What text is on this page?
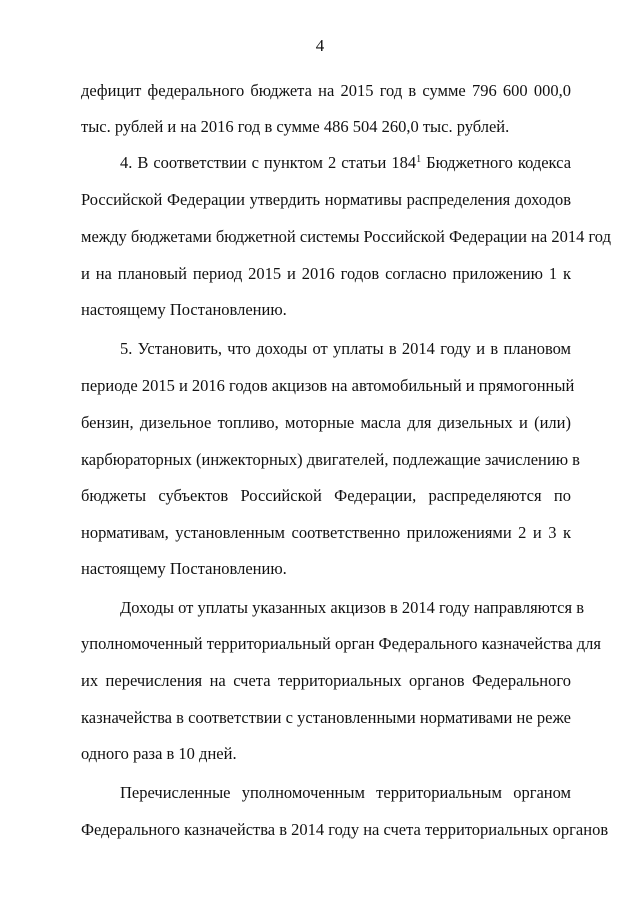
4
дефицит федерального бюджета на 2015 год в сумме 796 600 000,0
тыс. рублей и на 2016 год в сумме 486 504 260,0 тыс. рублей.
4. В соответствии с пунктом 2 статьи $184^1$ Бюджетного кодекса
Российской Федерации утвердить нормативы распределения доходов
между бюджетами бюджетной системы Российской Федерации на 2014 год
и на плановый период 2015 и 2016 годов согласно приложению 1 к
настоящему Постановлению.
5. Установить, что доходы от уплаты в 2014 году и в плановом
периоде 2015 и 2016 годов акцизов на автомобильный и прямогонный
бензин, дизельное топливо, моторные масла для дизельных и (или)
карбюраторных (инжекторных) двигателей, подлежащие зачислению в
бюджеты субъектов Российской Федерации, распределяются по
нормативам, установленным соответственно приложениями 2 и 3 к
настоящему Постановлению.
Доходы от уплаты указанных акцизов в 2014 году направляются в
уполномоченный территориальный орган Федерального казначейства для
их перечисления на счета территориальных органов Федерального
казначейства в соответствии с установленными нормативами не реже
одного раза в 10 дней.
Перечисленные уполномоченным территориальным органом
Федерального казначейства в 2014 году на счета территориальных органов
